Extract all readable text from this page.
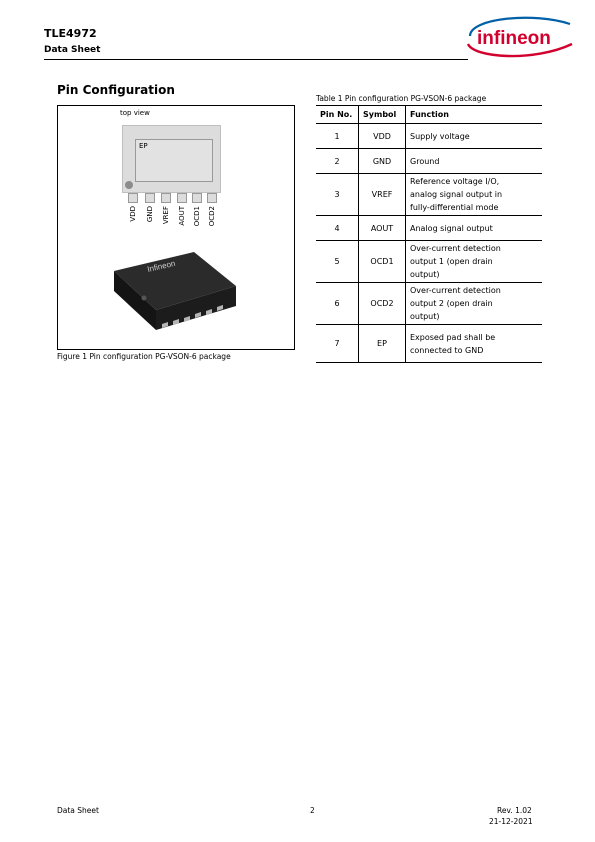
TLE4972
Data Sheet
infineon
Pin Configuration
top view
EP
VDD GND VREF AOUT OCD1 OCD2
Infineon
Figure 1 Pin configuration PG-VSON-6 package
Table 1 Pin configuration PG-VSON-6 package
Pin No.	Symbol	Function
1	VDD	Supply voltage
2	GND	Ground
3	VREF	Reference voltage I/O,
analog signal output in
fully-differential mode
4	AOUT	Analog signal output
5	OCD1	Over-current detection
output 1 (open drain
output)
6	OCD2	Over-current detection
output 2 (open drain
output)
7	EP	Exposed pad shall be
connected to GND
Data Sheet	2	Rev. 1.02
21-12-2021
